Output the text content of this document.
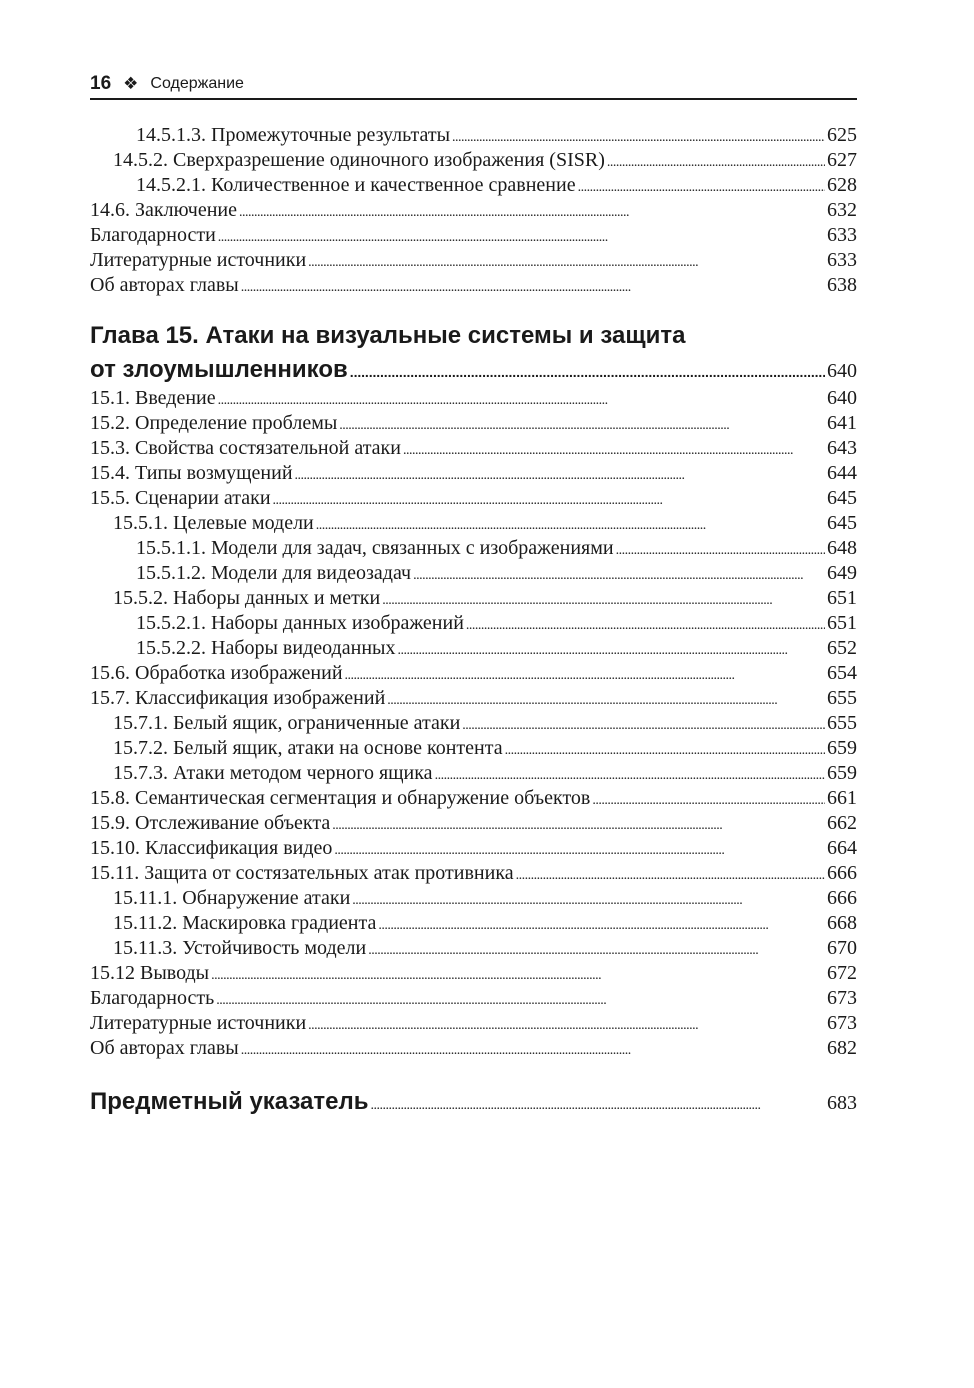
16 ❖ Содержание
14.5.1.3. Промежуточные результаты . . .	625
14.5.2. Сверхразрешение одиночного изображения (SISR) . . .	627
14.5.2.1. Количественное и качественное сравнение . . .	628
14.6. Заключение . . .	632
Благодарности . . .	633
Литературные источники . . .	633
Об авторах главы . . .	638
Глава 15. Атаки на визуальные системы и защита
от злоумышленников . . .	640
15.1. Введение . . .	640
15.2. Определение проблемы . . .	641
15.3. Свойства состязательной атаки . . .	643
15.4. Типы возмущений . . .	644
15.5. Сценарии атаки . . .	645
15.5.1. Целевые модели . . .	645
15.5.1.1. Модели для задач, связанных с изображениями . . .	648
15.5.1.2. Модели для видеозадач . . .	649
15.5.2. Наборы данных и метки . . .	651
15.5.2.1. Наборы данных изображений . . .	651
15.5.2.2. Наборы видеоданных . . .	652
15.6. Обработка изображений . . .	654
15.7. Классификация изображений . . .	655
15.7.1. Белый ящик, ограниченные атаки . . .	655
15.7.2. Белый ящик, атаки на основе контента . . .	659
15.7.3. Атаки методом черного ящика . . .	659
15.8. Семантическая сегментация и обнаружение объектов . . .	661
15.9. Отслеживание объекта . . .	662
15.10. Классификация видео . . .	664
15.11. Защита от состязательных атак противника . . .	666
15.11.1. Обнаружение атаки . . .	666
15.11.2. Маскировка градиента . . .	668
15.11.3. Устойчивость модели . . .	670
15.12 Выводы . . .	672
Благодарность . . .	673
Литературные источники . . .	673
Об авторах главы . . .	682
Предметный указатель . . .	683
